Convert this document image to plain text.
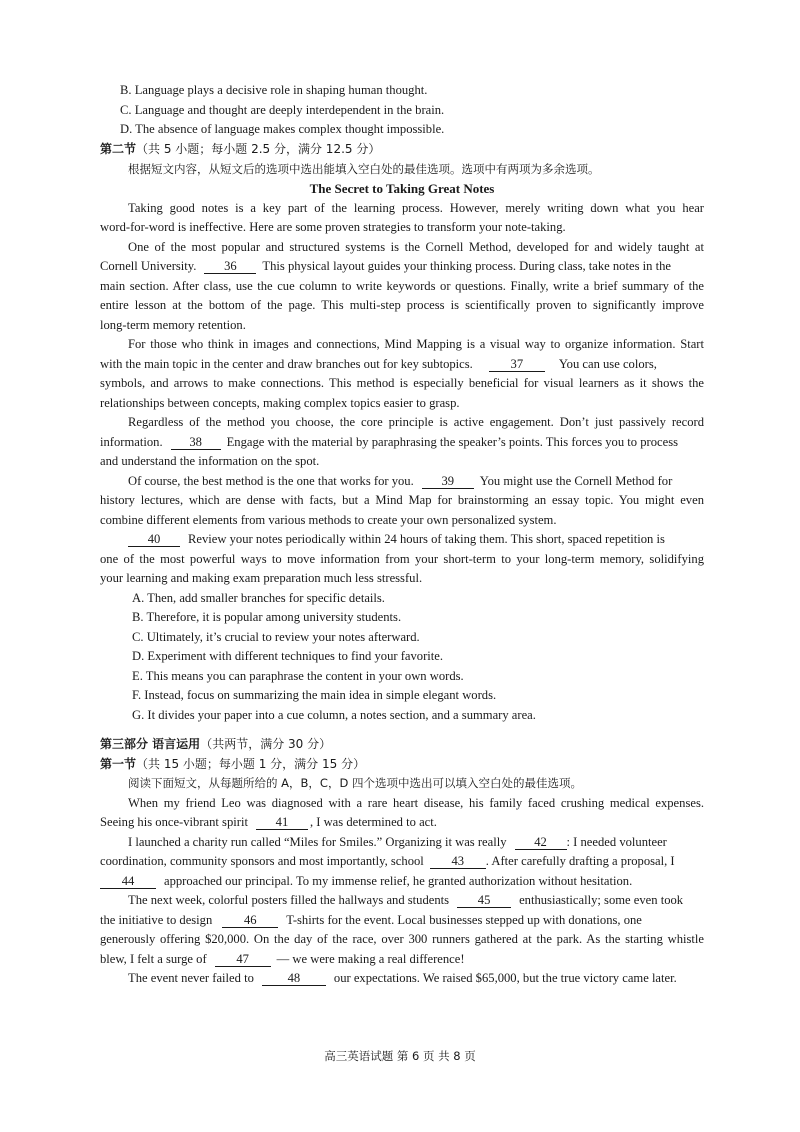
B. Language plays a decisive role in shaping human thought.
C. Language and thought are deeply interdependent in the brain.
D. The absence of language makes complex thought impossible.
第二节（共 5 小题；每小题 2.5 分，满分 12.5 分）
根据短文内容，从短文后的选项中选出能填入空白处的最佳选项。选项中有两项为多余选项。
The Secret to Taking Great Notes
Taking good notes is a key part of the learning process. However, merely writing down what you hear
word-for-word is ineffective. Here are some proven strategies to transform your note-taking.
One of the most popular and structured systems is the Cornell Method, developed for and widely taught at
Cornell University. 36 This physical layout guides your thinking process. During class, take notes in the
main section. After class, use the cue column to write keywords or questions. Finally, write a brief summary of the
entire lesson at the bottom of the page. This multi-step process is scientifically proven to significantly improve
long-term memory retention.
For those who think in images and connections, Mind Mapping is a visual way to organize information. Start
with the main topic in the center and draw branches out for key subtopics.	37	You can use colors,
symbols, and arrows to make connections. This method is especially beneficial for visual learners as it shows the
relationships between concepts, making complex topics easier to grasp.
Regardless of the method you choose, the core principle is active engagement. Don’t just passively record
information. 38 Engage with the material by paraphrasing the speaker’s points. This forces you to process
and understand the information on the spot.
Of course, the best method is the one that works for you. 39 You might use the Cornell Method for
history lectures, which are dense with facts, but a Mind Map for brainstorming an essay topic. You might even
combine different elements from various methods to create your own personalized system.
40 Review your notes periodically within 24 hours of taking them. This short, spaced repetition is
one of the most powerful ways to move information from your short-term to your long-term memory, solidifying
your learning and making exam preparation much less stressful.
A. Then, add smaller branches for specific details.
B. Therefore, it is popular among university students.
C. Ultimately, it’s crucial to review your notes afterward.
D. Experiment with different techniques to find your favorite.
E. This means you can paraphrase the content in your own words.
F. Instead, focus on summarizing the main idea in simple elegant words.
G. It divides your paper into a cue column, a notes section, and a summary area.
第三部分 语言运用（共两节，满分 30 分）
第一节（共 15 小题；每小题 1 分，满分 15 分）
阅读下面短文，从每题所给的 A，B，C，D 四个选项中选出可以填入空白处的最佳选项。
When my friend Leo was diagnosed with a rare heart disease, his family faced crushing medical expenses.
Seeing his once-vibrant spirit 41 , I was determined to act.
I launched a charity run called “Miles for Smiles.” Organizing it was really 42 : I needed volunteer
coordination, community sponsors and most importantly, school 43 . After carefully drafting a proposal, I
44 approached our principal. To my immense relief, he granted authorization without hesitation.
The next week, colorful posters filled the hallways and students 45 enthusiastically; some even took
the initiative to design	46 T-shirts for the event. Local businesses stepped up with donations, one
generously offering $20,000. On the day of the race, over 300 runners gathered at the park. As the starting whistle
blew, I felt a surge of 47 — we were making a real difference!
The event never failed to	48	our expectations. We raised $65,000, but the true victory came later.
高三英语试题 第 6 页 共 8 页
